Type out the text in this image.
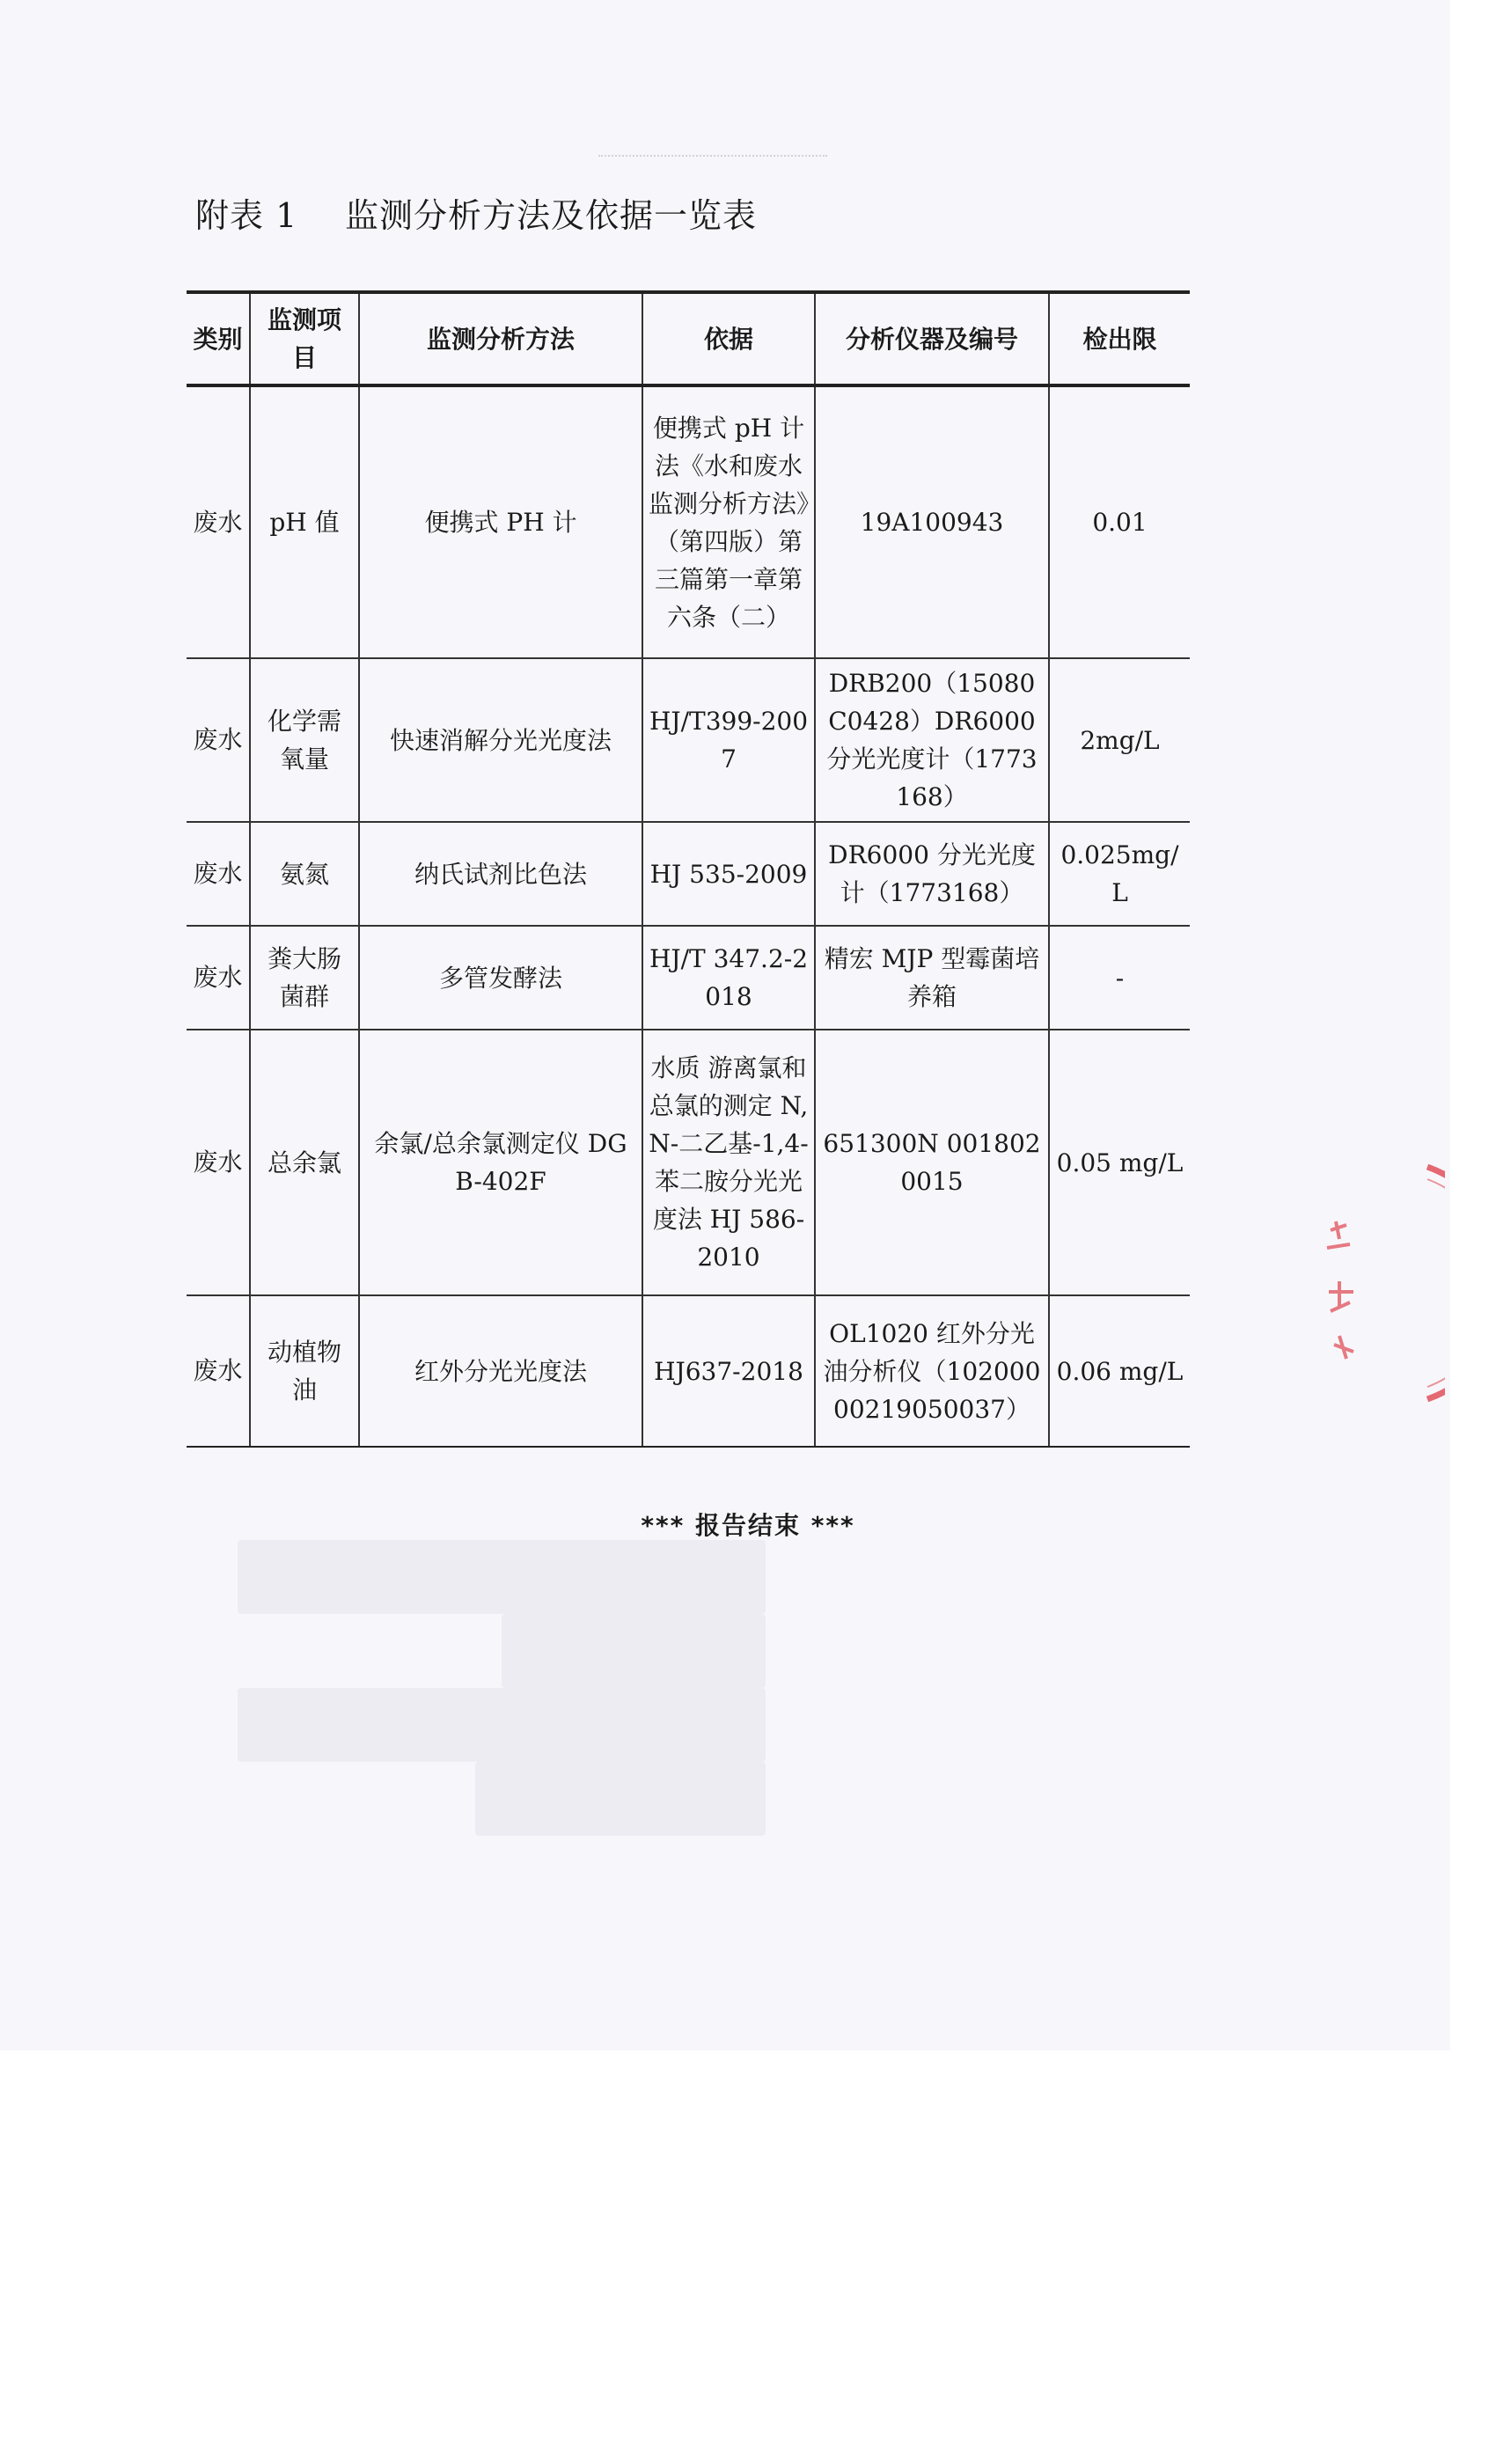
附表 1 监测分析方法及依据一览表
类别	监测项目	监测分析方法	依据	分析仪器及编号	检出限
废水	pH 值	便携式 PH 计	便携式 pH 计法《水和废水监测分析方法》（第四版）第三篇第一章第六条（二）	19A100943	0.01
废水	化学需氧量	快速消解分光光度法	HJ/T399-2007	DRB200（15080C0428）DR6000 分光光度计（1773168）	2mg/L
废水	氨氮	纳氏试剂比色法	HJ 535-2009	DR6000 分光光度计（1773168）	0.025mg/L
废水	粪大肠菌群	多管发酵法	HJ/T 347.2-2018	精宏 MJP 型霉菌培养箱	-
废水	总余氯	余氯/总余氯测定仪 DGB-402F	水质 游离氯和总氯的测定 N,N-二乙基-1,4-苯二胺分光光度法 HJ 586-2010	651300N 0018020015	0.05 mg/L
废水	动植物油	红外分光光度法	HJ637-2018	OL1020 红外分光油分析仪（10200000219050037）	0.06 mg/L
*** 报告结束 ***
